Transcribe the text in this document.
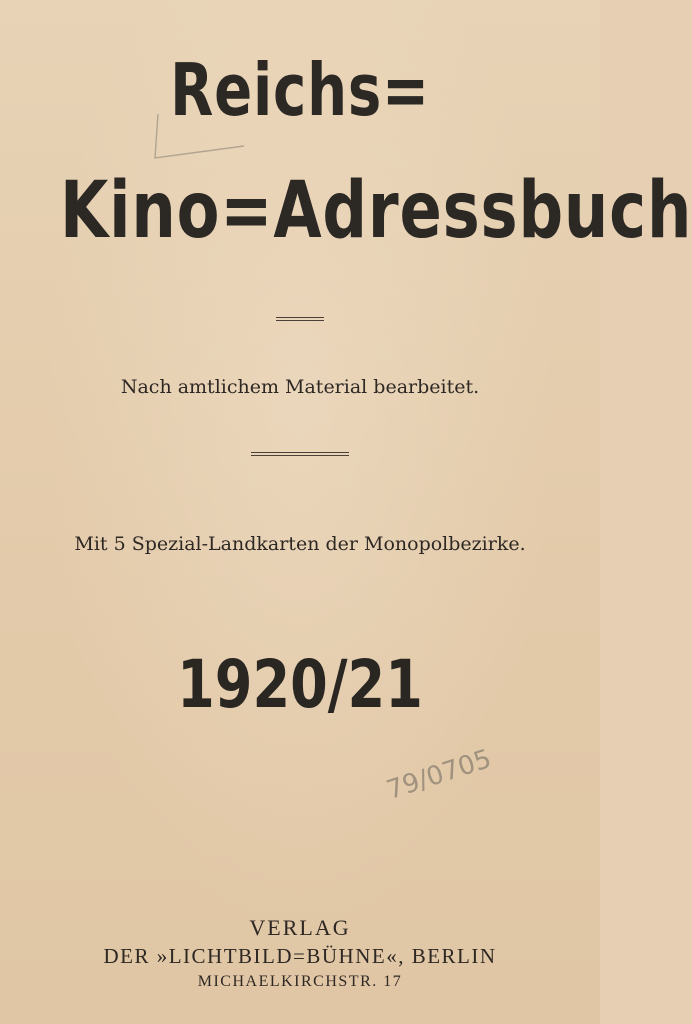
Reichs=
Kino=Adressbuch
Nach amtlichem Material bearbeitet.
Mit 5 Spezial-Landkarten der Monopolbezirke.
1920/21
79/0705
VERLAG
DER »LICHTBILD=BÜHNE«, BERLIN
MICHAELKIRCHSTR. 17
